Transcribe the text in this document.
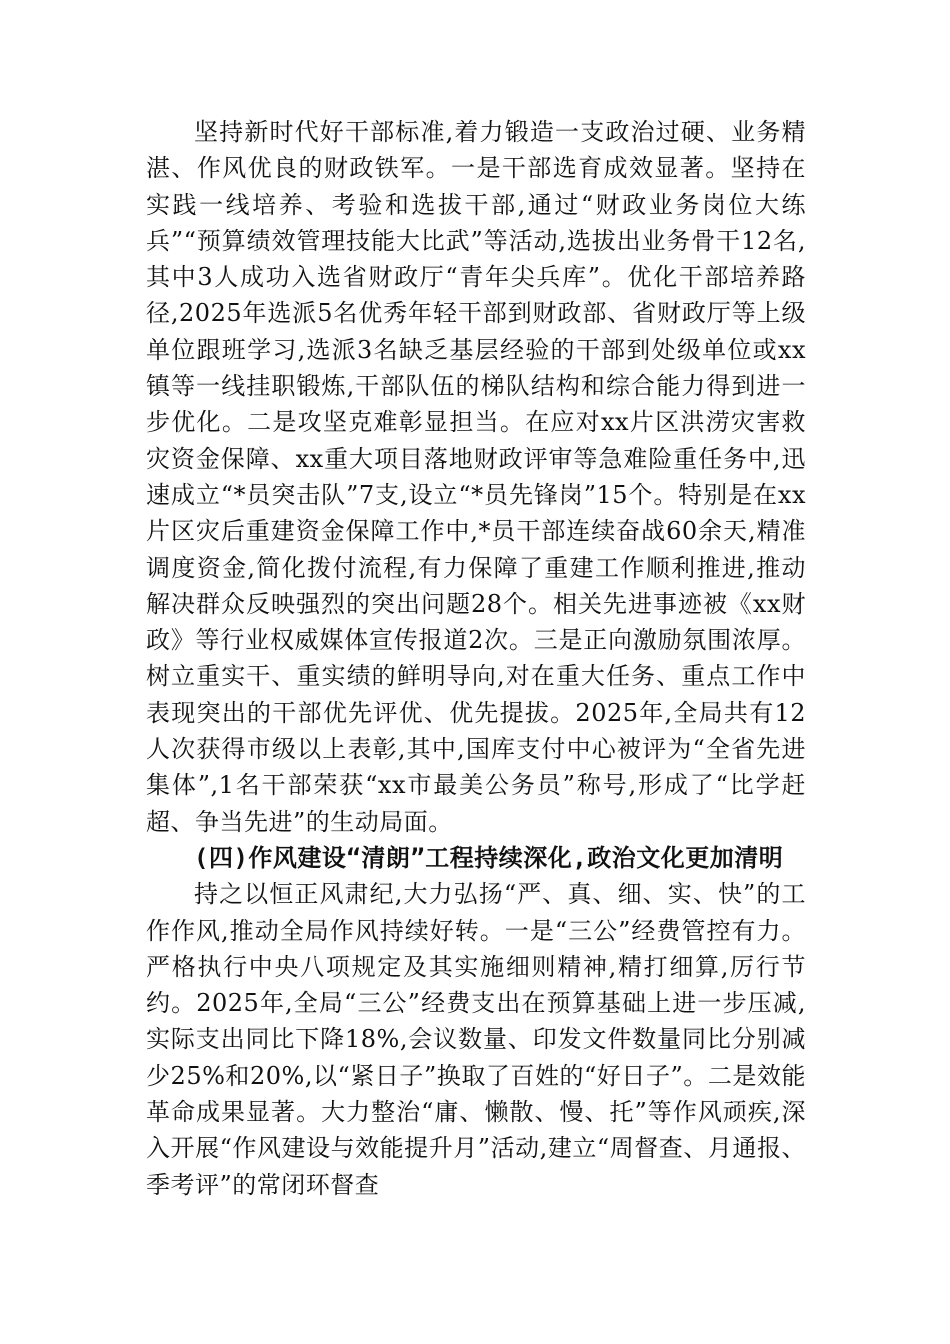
坚持新时代好干部标准,着力锻造一支政治过硬、业务精湛、作风优良的财政铁军。一是干部选育成效显著。坚持在实践一线培养、考验和选拔干部,通过“财政业务岗位大练兵”“预算绩效管理技能大比武”等活动,选拔出业务骨干12名,其中3人成功入选省财政厅“青年尖兵库”。优化干部培养路径,2025年选派5名优秀年轻干部到财政部、省财政厅等上级单位跟班学习,选派3名缺乏基层经验的干部到处级单位或xx镇等一线挂职锻炼,干部队伍的梯队结构和综合能力得到进一步优化。二是攻坚克难彰显担当。在应对xx片区洪涝灾害救灾资金保障、xx重大项目落地财政评审等急难险重任务中,迅速成立“*员突击队”7支,设立“*员先锋岗”15个。特别是在xx片区灾后重建资金保障工作中,*员干部连续奋战60余天,精准调度资金,简化拨付流程,有力保障了重建工作顺利推进,推动解决群众反映强烈的突出问题28个。相关先进事迹被《xx财政》等行业权威媒体宣传报道2次。三是正向激励氛围浓厚。树立重实干、重实绩的鲜明导向,对在重大任务、重点工作中表现突出的干部优先评优、优先提拔。2025年,全局共有12人次获得市级以上表彰,其中,国库支付中心被评为“全省先进集体”,1名干部荣获“xx市最美公务员”称号,形成了“比学赶超、争当先进”的生动局面。

(四)作风建设“清朗”工程持续深化,政治文化更加清明

持之以恒正风肃纪,大力弘扬“严、真、细、实、快”的工作作风,推动全局作风持续好转。一是“三公”经费管控有力。严格执行中央八项规定及其实施细则精神,精打细算,厉行节约。2025年,全局“三公”经费支出在预算基础上进一步压减,实际支出同比下降18%,会议数量、印发文件数量同比分别减少25%和20%,以“紧日子”换取了百姓的“好日子”。二是效能革命成果显著。大力整治“庸、懒散、慢、托”等作风顽疾,深入开展“作风建设与效能提升月”活动,建立“周督查、月通报、季考评”的常闭环督查
